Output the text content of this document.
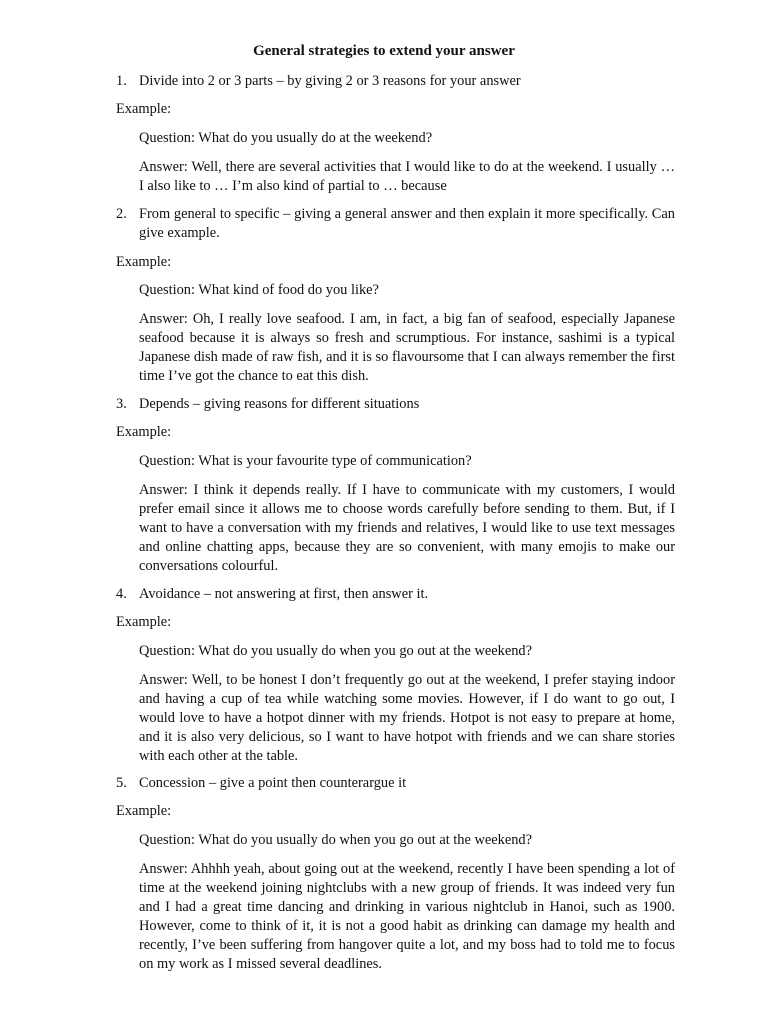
General strategies to extend your answer
1. Divide into 2 or 3 parts – by giving 2 or 3 reasons for your answer
Example:
Question: What do you usually do at the weekend?
Answer: Well, there are several activities that I would like to do at the weekend. I usually … I also like to … I’m also kind of partial to … because
2. From general to specific – giving a general answer and then explain it more specifically. Can give example.
Example:
Question: What kind of food do you like?
Answer: Oh, I really love seafood. I am, in fact, a big fan of seafood, especially Japanese seafood because it is always so fresh and scrumptious. For instance, sashimi is a typical Japanese dish made of raw fish, and it is so flavoursome that I can always remember the first time I’ve got the chance to eat this dish.
3. Depends – giving reasons for different situations
Example:
Question: What is your favourite type of communication?
Answer: I think it depends really. If I have to communicate with my customers, I would prefer email since it allows me to choose words carefully before sending to them. But, if I want to have a conversation with my friends and relatives, I would like to use text messages and online chatting apps, because they are so convenient, with many emojis to make our conversations colourful.
4. Avoidance – not answering at first, then answer it.
Example:
Question: What do you usually do when you go out at the weekend?
Answer: Well, to be honest I don’t frequently go out at the weekend, I prefer staying indoor and having a cup of tea while watching some movies. However, if I do want to go out, I would love to have a hotpot dinner with my friends. Hotpot is not easy to prepare at home, and it is also very delicious, so I want to have hotpot with friends and we can share stories with each other at the table.
5. Concession – give a point then counterargue it
Example:
Question: What do you usually do when you go out at the weekend?
Answer: Ahhhh yeah, about going out at the weekend, recently I have been spending a lot of time at the weekend joining nightclubs with a new group of friends. It was indeed very fun and I had a great time dancing and drinking in various nightclub in Hanoi, such as 1900. However, come to think of it, it is not a good habit as drinking can damage my health and recently, I’ve been suffering from hangover quite a lot, and my boss had to told me to focus on my work as I missed several deadlines.
